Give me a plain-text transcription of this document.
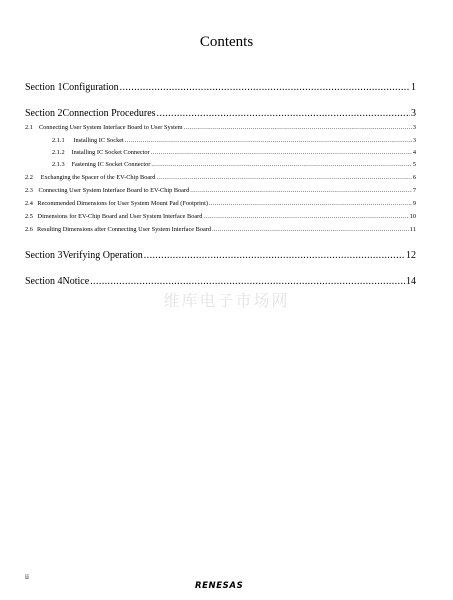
Contents
Section 1 Configuration .....	1
Section 2 Connection Procedures .....	3
2.1 Connecting User System Interface Board to User System .....	3
2.1.1	Installing IC Socket .....	3
2.1.2	Installing IC Socket Connector .....	4
2.1.3	Fastening IC Socket Connector .....	5
2.2	Exchanging the Spacer of the EV-Chip Board .....	6
2.3 Connecting User System Interface Board to EV-Chip Board .....	7
2.4 Recommended Dimensions for User System Mount Pad (Footprint) .....	9
2.5 Dimensions for EV-Chip Board and User System Interface Board .....	10
2.6 Resulting Dimensions after Connecting User System Interface Board .....	11
Section 3 Verifying Operation .....	12
Section 4 Notice .....	14
维库电子市场网
ii
RENESAS
